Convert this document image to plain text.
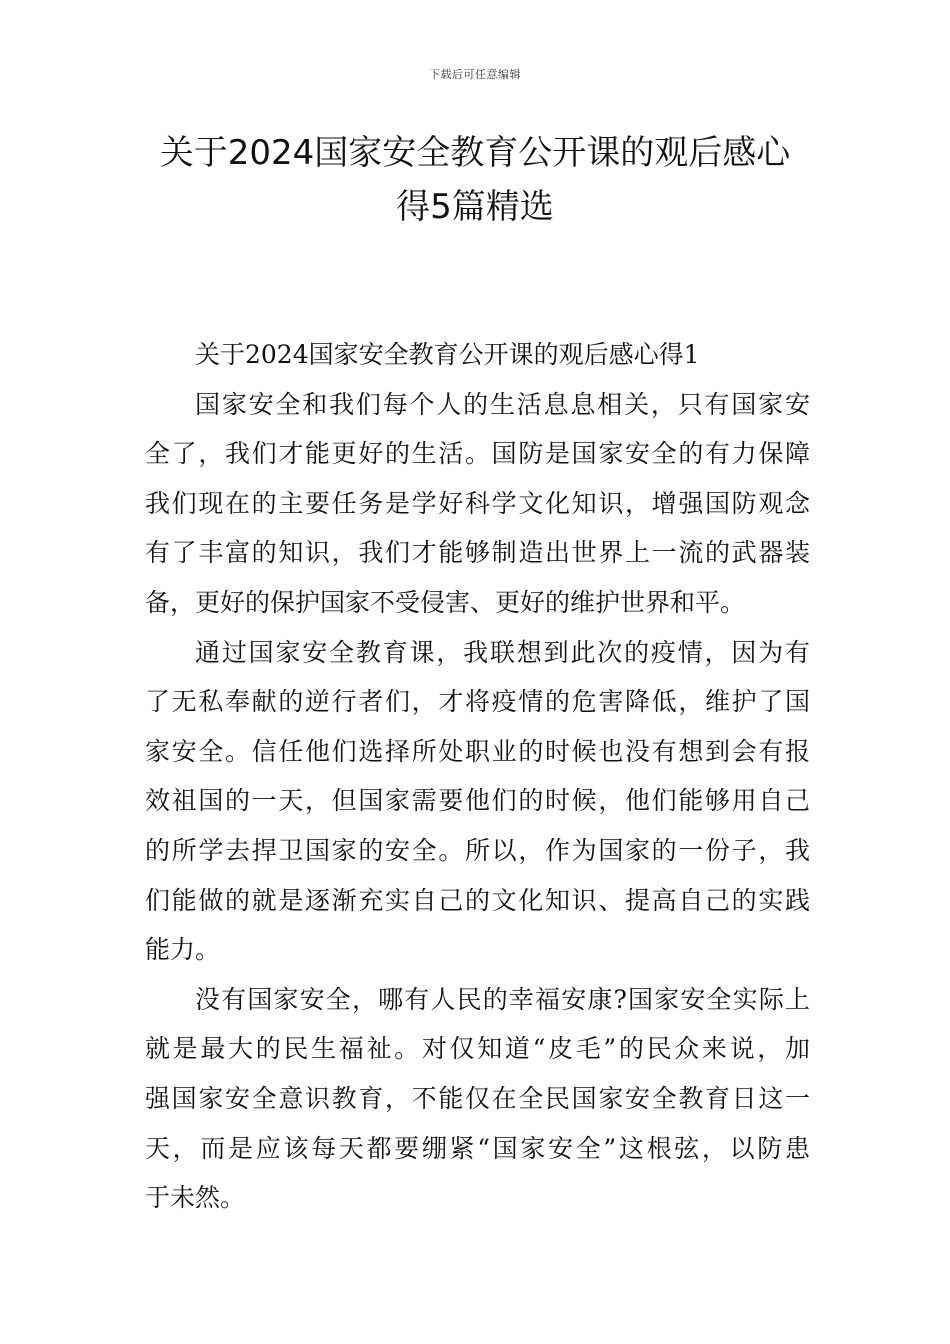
下载后可任意编辑
关于2024国家安全教育公开课的观后感心
得5篇精选
关于2024国家安全教育公开课的观后感心得1
国家安全和我们每个人的生活息息相关，只有国家安
全了，我们才能更好的生活。国防是国家安全的有力保障
我们现在的主要任务是学好科学文化知识，增强国防观念
有了丰富的知识，我们才能够制造出世界上一流的武器装
备，更好的保护国家不受侵害、更好的维护世界和平。
通过国家安全教育课，我联想到此次的疫情，因为有
了无私奉献的逆行者们，才将疫情的危害降低，维护了国
家安全。信任他们选择所处职业的时候也没有想到会有报
效祖国的一天，但国家需要他们的时候，他们能够用自己
的所学去捍卫国家的安全。所以，作为国家的一份子，我
们能做的就是逐渐充实自己的文化知识、提高自己的实践
能力。
没有国家安全，哪有人民的幸福安康?国家安全实际上
就是最大的民生福祉。对仅知道“皮毛”的民众来说，加
强国家安全意识教育，不能仅在全民国家安全教育日这一
天，而是应该每天都要绷紧“国家安全”这根弦，以防患
于未然。
